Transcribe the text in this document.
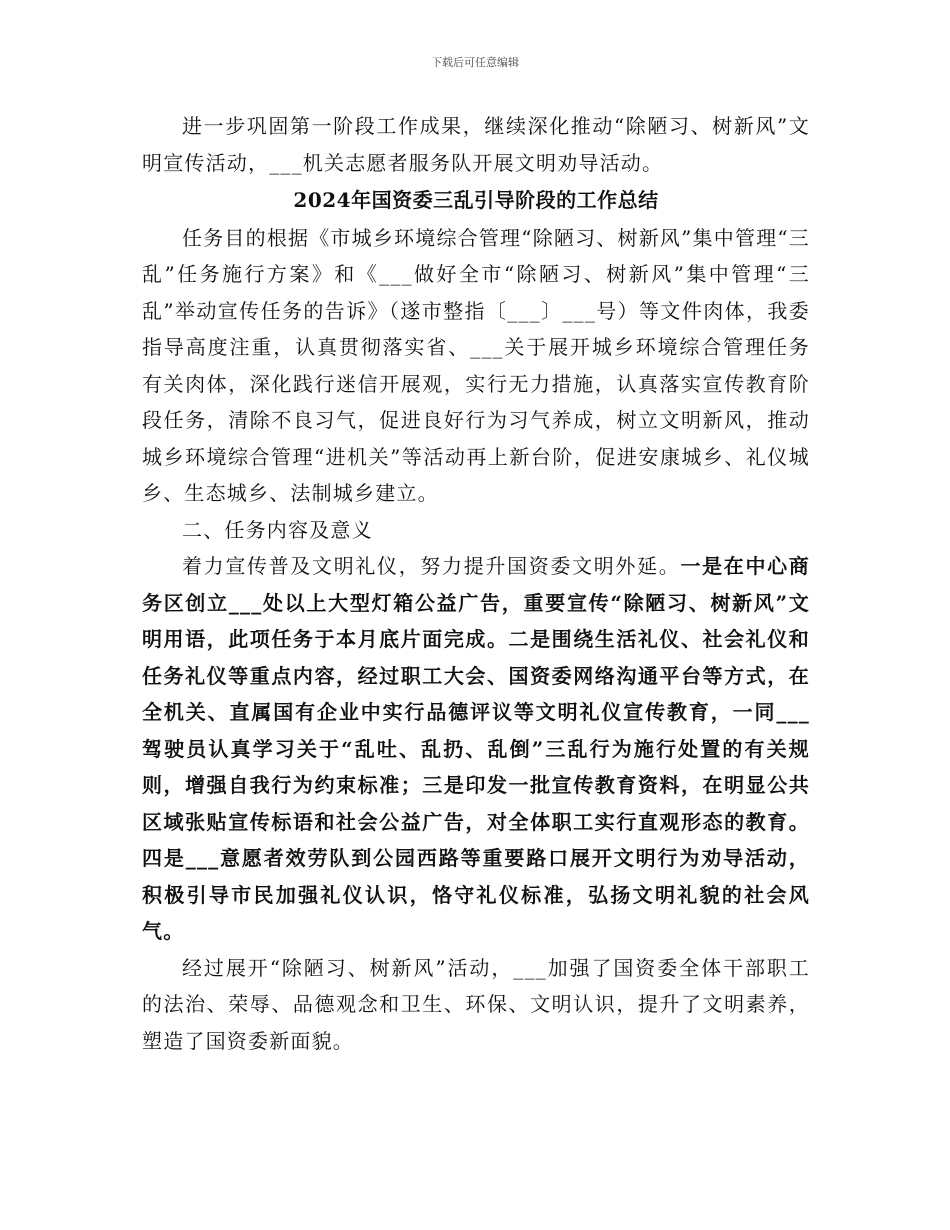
下载后可任意编辑

进一步巩固第一阶段工作成果，继续深化推动“除陋习、树新风”文明宣传活动，___机关志愿者服务队开展文明劝导活动。

2024年国资委三乱引导阶段的工作总结

任务目的根据《市城乡环境综合管理“除陋习、树新风”集中管理“三乱”任务施行方案》和《___做好全市“除陋习、树新风”集中管理“三乱”举动宣传任务的告诉》（遂市整指〔___〕___号）等文件肉体，我委指导高度注重，认真贯彻落实省、___关于展开城乡环境综合管理任务有关肉体，深化践行迷信开展观，实行无力措施，认真落实宣传教育阶段任务，清除不良习气，促进良好行为习气养成，树立文明新风，推动城乡环境综合管理“进机关”等活动再上新台阶，促进安康城乡、礼仪城乡、生态城乡、法制城乡建立。

二、任务内容及意义

着力宣传普及文明礼仪，努力提升国资委文明外延。一是在中心商务区创立___处以上大型灯箱公益广告，重要宣传“除陋习、树新风”文明用语，此项任务于本月底片面完成。二是围绕生活礼仪、社会礼仪和任务礼仪等重点内容，经过职工大会、国资委网络沟通平台等方式，在全机关、直属国有企业中实行品德评议等文明礼仪宣传教育，一同___驾驶员认真学习关于“乱吐、乱扔、乱倒”三乱行为施行处置的有关规则，增强自我行为约束标准；三是印发一批宣传教育资料，在明显公共区域张贴宣传标语和社会公益广告，对全体职工实行直观形态的教育。四是___意愿者效劳队到公园西路等重要路口展开文明行为劝导活动，积极引导市民加强礼仪认识，恪守礼仪标准，弘扬文明礼貌的社会风气。

经过展开“除陋习、树新风”活动，___加强了国资委全体干部职工的法治、荣辱、品德观念和卫生、环保、文明认识，提升了文明素养，塑造了国资委新面貌。
